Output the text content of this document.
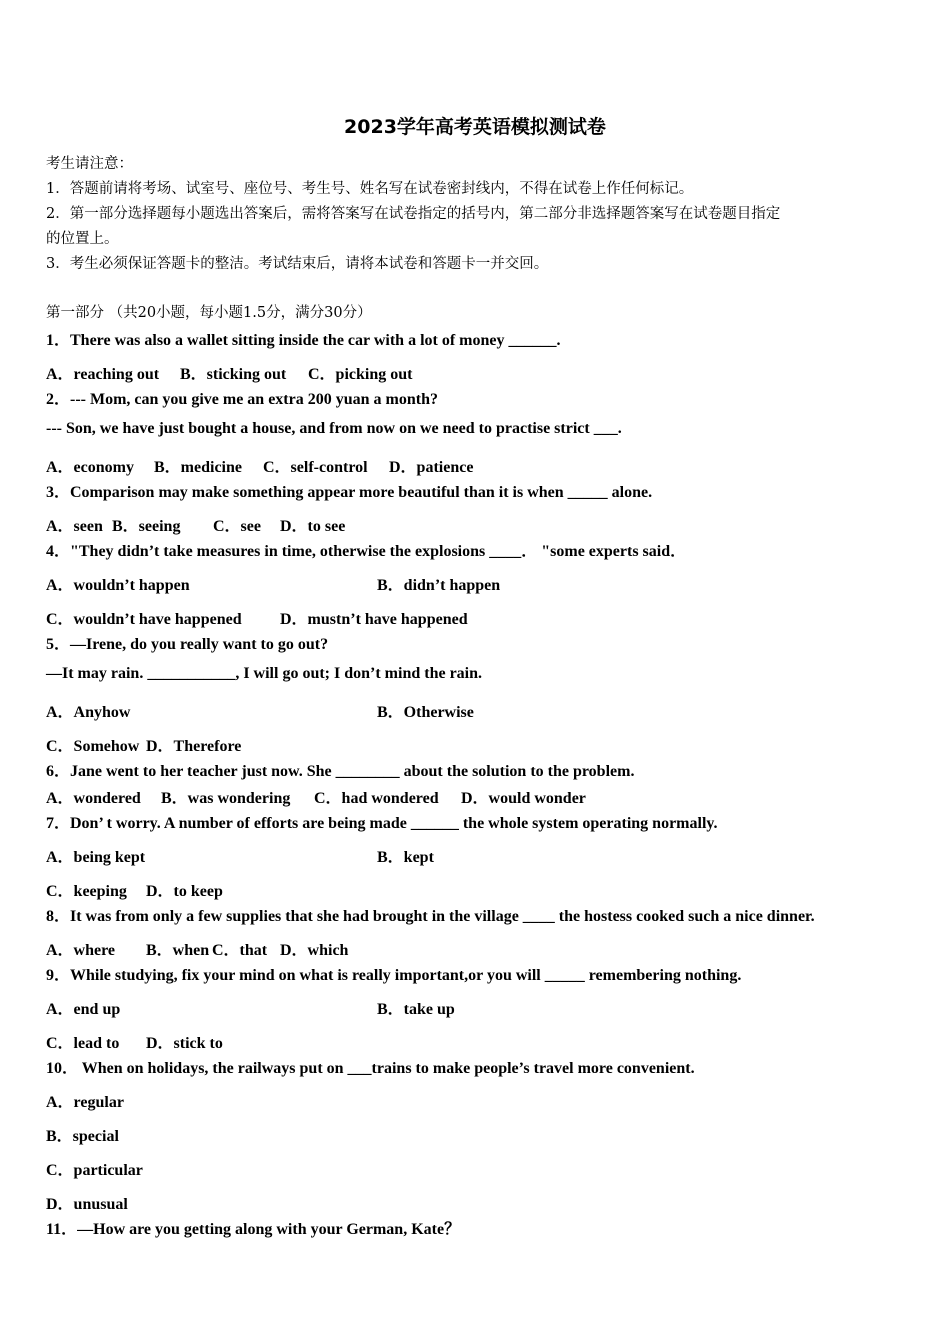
2023学年高考英语模拟测试卷
考生请注意：
1．答题前请将考场、试室号、座位号、考生号、姓名写在试卷密封线内，不得在试卷上作任何标记。
2．第一部分选择题每小题选出答案后，需将答案写在试卷指定的括号内，第二部分非选择题答案写在试卷题目指定
的位置上。
3．考生必须保证答题卡的整洁。考试结束后，请将本试卷和答题卡一并交回。
第一部分 （共20小题，每小题1.5分，满分30分）
1．There was also a wallet sitting inside the car with a lot of money ______.
A．reaching out B．sticking out C．picking out
2．--- Mom, can you give me an extra 200 yuan a month?
--- Son, we have just bought a house, and from now on we need to practise strict ___.
A．economy B．medicine C．self-control D．patience
3．Comparison may make something appear more beautiful than it is when _____ alone.
A．seen B．seeing C．see D．to see
4．"They didn’t take measures in time, otherwise the explosions ____． "some experts said．
A．wouldn’t happen	B．didn’t happen
C．wouldn’t have happened D．mustn’t have happened
5．—Irene, do you really want to go out?
—It may rain. ___________, I will go out; I don’t mind the rain.
A．Anyhow	B．Otherwise
C．Somehow D．Therefore
6．Jane went to her teacher just now. She ________ about the solution to the problem.
A．wondered B．was wondering C．had wondered D．would wonder
7．Don’ t worry. A number of efforts are being made ______ the whole system operating normally.
A．being kept	B．kept
C．keeping D．to keep
8．It was from only a few supplies that she had brought in the village ____ the hostess cooked such a nice dinner.
A．where B．when C．that D．which
9．While studying, fix your mind on what is really important,or you will _____ remembering nothing.
A．end up	B．take up
C．lead to D．stick to
10． When on holidays, the railways put on ___trains to make people’s travel more convenient.
A．regular
B．special
C．particular
D．unusual
11．—How are you getting along with your German, Kate？
